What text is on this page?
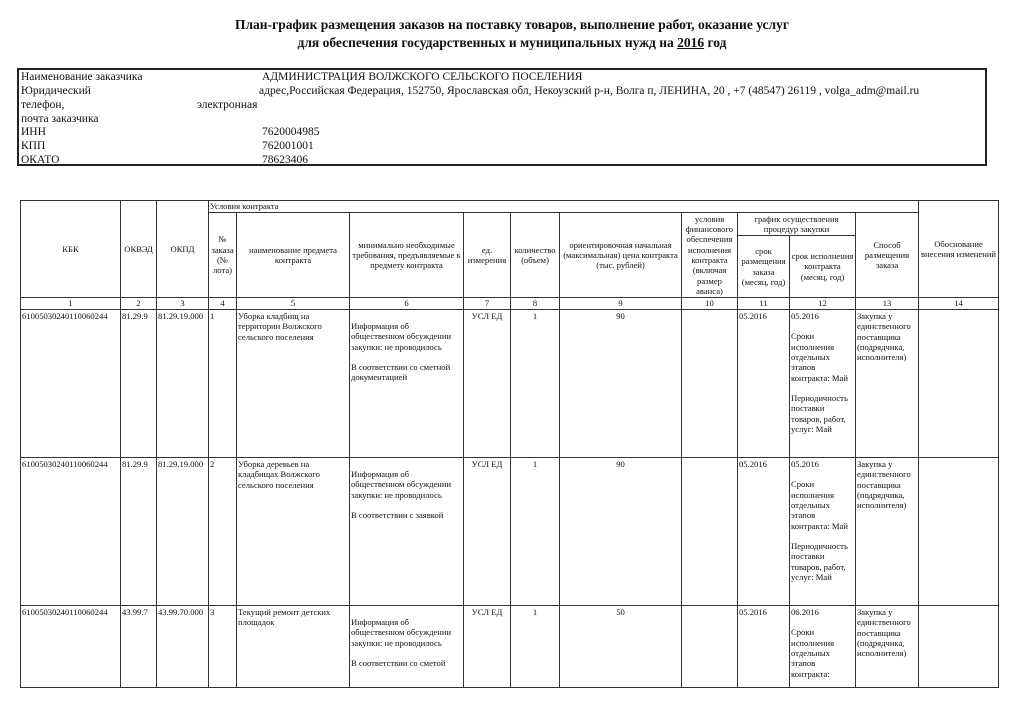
План-график размещения заказов на поставку товаров, выполнение работ, оказание услуг
для обеспечения государственных и муниципальных нужд на 2016 год
Наименование заказчика	АДМИНИСТРАЦИЯ ВОЛЖСКОГО СЕЛЬСКОГО ПОСЕЛЕНИЯ
Юридический	адрес,Российская Федерация, 152750, Ярославская обл, Некоузский р-н, Волга п, ЛЕНИНА, 20 , +7 (48547) 26119 , volga_adm@mail.ru
телефон,	электронная
почта заказчика
ИНН	7620004985
КПП	762001001
ОКАТО	78623406
КБК	ОКВЭД	ОКПД	Условия контракта										Обоснование внесения изменений
			№ заказа (№ лота)	наименование предмета контракта	минимально необходимые требования, предъявляемые к предмету контракта	ед. измерения	количество (объем)	ориентировочная начальная (максимальная) цена контракта (тыс. рублей)	условия финансового обеспечения исполнения контракта (включая размер аванса)	график осуществления процедур закупки		Способ размещения заказа	
										срок размещения заказа (месяц, год)	срок исполнения контракта (месяц, год)		
1	2	3	4	5	6	7	8	9	10	11	12	13	14
61005030240110060244	81.29.9	81.29.19.000	1	Уборка кладбищ на территории Волжского сельского поселения	Информация об общественном обсуждении закупки: не проводилось
В соответствии со сметной документацией	УСЛ ЕД	1	90		05.2016	05.2016
Сроки исполнения отдельных этапов контракта: Май
Периодичность поставки товаров, работ, услуг: Май	Закупка у единственного поставщика (подрядчика, исполнителя)	
61005030240110060244	81.29.9	81.29.19.000	2	Уборка деревьев на кладбищах Волжского сельского поселения	Информация об общественном обсуждении закупки: не проводилось
В соответствии с заявкой	УСЛ ЕД	1	90		05.2016	05.2016
Сроки исполнения отдельных этапов контракта: Май
Периодичность поставки товаров, работ, услуг: Май	Закупка у единственного поставщика (подрядчика, исполнителя)	
61005030240110060244	43.99.7	43.99.70.000	3	Текущий ремонт детских площадок	Информация об общественном обсуждении закупки: не проводилось
В соответствии со сметой	УСЛ ЕД	1	50		05.2016	06.2016
Сроки исполнения отдельных этапов контракта:	Закупка у единственного поставщика (подрядчика, исполнителя)	
